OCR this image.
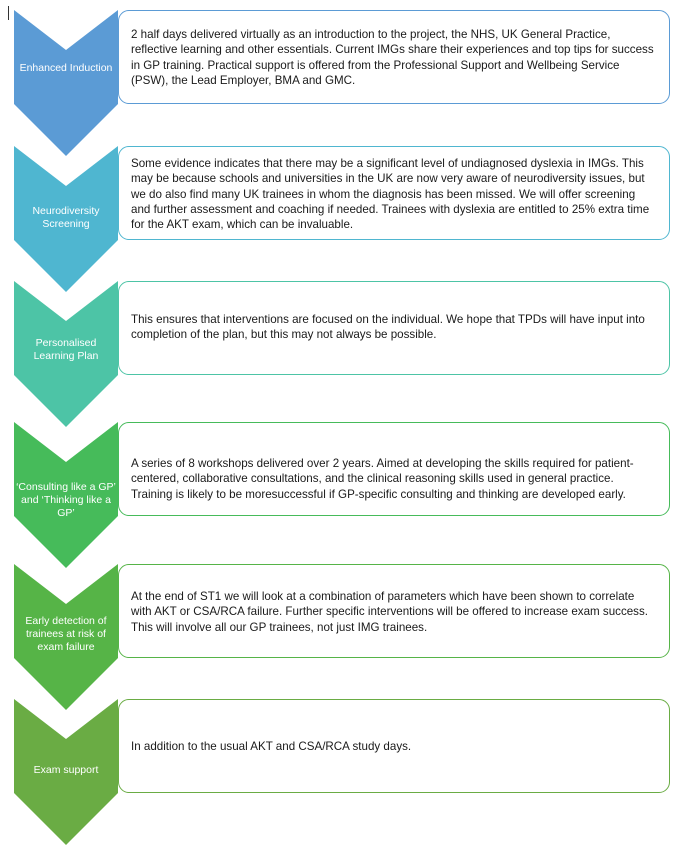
Enhanced Induction
2 half days delivered virtually as an introduction to the project, the NHS, UK General Practice, reflective learning and other essentials. Current IMGs share their experiences and top tips for success in GP training. Practical support is offered from the Professional Support and Wellbeing Service (PSW), the Lead Employer, BMA and GMC.
Neurodiversity Screening
Some evidence indicates that there may be a significant level of undiagnosed dyslexia in IMGs. This may be because schools and universities in the UK are now very aware of neurodiversity issues, but we do also find many UK trainees in whom the diagnosis has been missed. We will offer screening and further assessment and coaching if needed. Trainees with dyslexia are entitled to 25% extra time for the AKT exam, which can be invaluable.
Personalised Learning Plan
This ensures that interventions are focused on the individual. We hope that TPDs will have input into completion of the plan, but this may not always be possible.
‘Consulting like a GP’ and ‘Thinking like a GP’
A series of 8 workshops delivered over 2 years. Aimed at developing the skills required for patient-centered, collaborative consultations, and the clinical reasoning skills used in general practice. Training is likely to be moresuccessful if GP-specific consulting and thinking are developed early.
Early detection of trainees at risk of exam failure
At the end of ST1 we will look at a combination of parameters which have been shown to correlate with AKT or CSA/RCA failure. Further specific interventions will be offered to increase exam success. This will involve all our GP trainees, not just IMG trainees.
Exam support
In addition to the usual AKT and CSA/RCA study days.
